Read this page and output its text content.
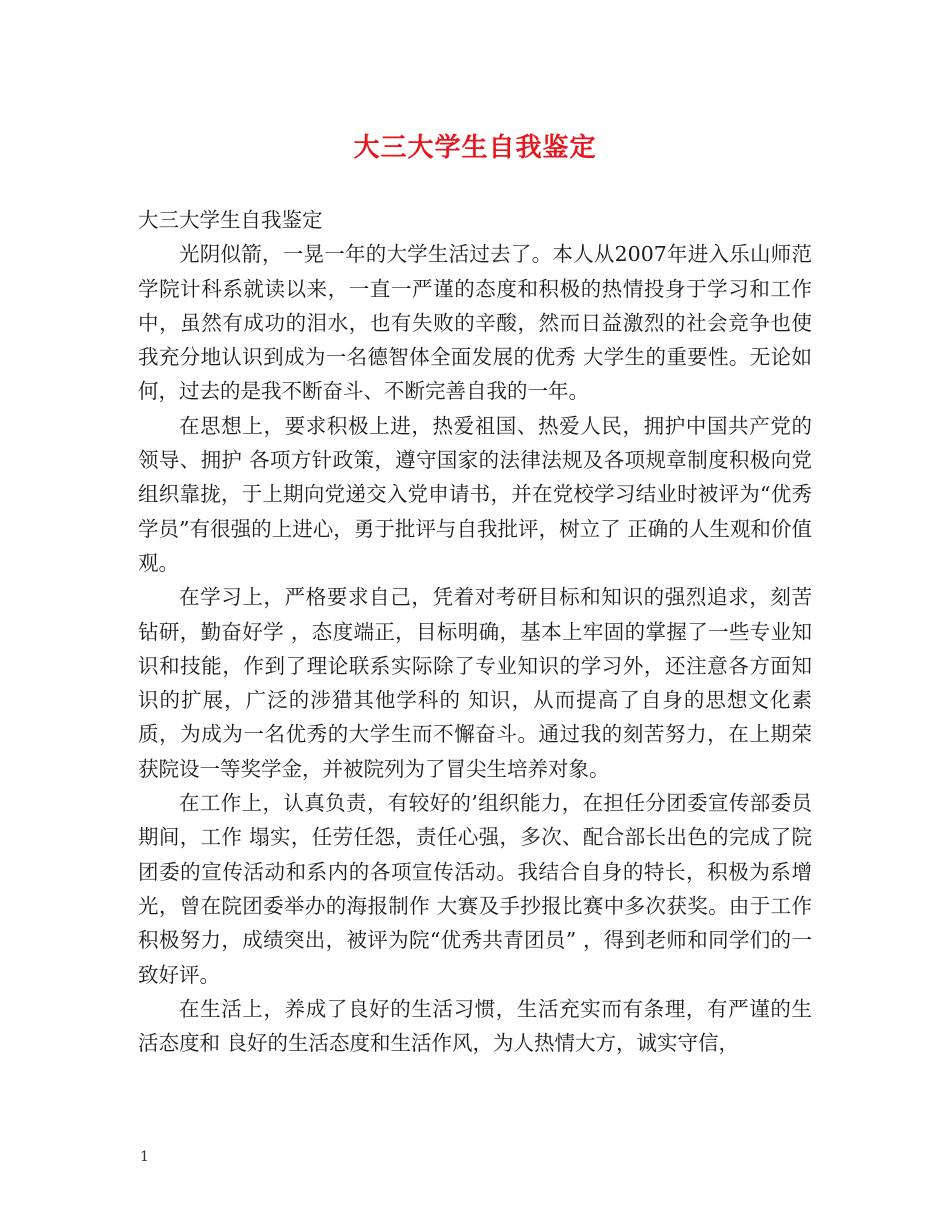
大三大学生自我鉴定

大三大学生自我鉴定

光阴似箭，一晃一年的大学生活过去了。本人从2007年进入乐山师范学院计科系就读以来，一直一严谨的态度和积极的热情投身于学习和工作中，虽然有成功的泪水，也有失败的辛酸，然而日益激烈的社会竞争也使我充分地认识到成为一名德智体全面发展的优秀 大学生的重要性。无论如何，过去的是我不断奋斗、不断完善自我的一年。

在思想上，要求积极上进，热爱祖国、热爱人民，拥护中国共产党的领导、拥护 各项方针政策，遵守国家的法律法规及各项规章制度积极向党组织靠拢，于上期向党递交入党申请书，并在党校学习结业时被评为“优秀学员”有很强的上进心，勇于批评与自我批评，树立了 正确的人生观和价值观。

在学习上，严格要求自己，凭着对考研目标和知识的强烈追求，刻苦钻研，勤奋好学 ，态度端正，目标明确，基本上牢固的掌握了一些专业知识和技能，作到了理论联系实际除了专业知识的学习外，还注意各方面知识的扩展，广泛的涉猎其他学科的 知识，从而提高了自身的思想文化素质，为成为一名优秀的大学生而不懈奋斗。通过我的刻苦努力，在上期荣获院设一等奖学金，并被院列为了冒尖生培养对象。

在工作上，认真负责，有较好的’组织能力，在担任分团委宣传部委员期间，工作 塌实，任劳任怨，责任心强，多次、配合部长出色的完成了院团委的宣传活动和系内的各项宣传活动。我结合自身的特长，积极为系增光，曾在院团委举办的海报制作 大赛及手抄报比赛中多次获奖。由于工作积极努力，成绩突出，被评为院“优秀共青团员” ，得到老师和同学们的一致好评。

在生活上，养成了良好的生活习惯，生活充实而有条理，有严谨的生活态度和 良好的生活态度和生活作风，为人热情大方，诚实守信，

1
